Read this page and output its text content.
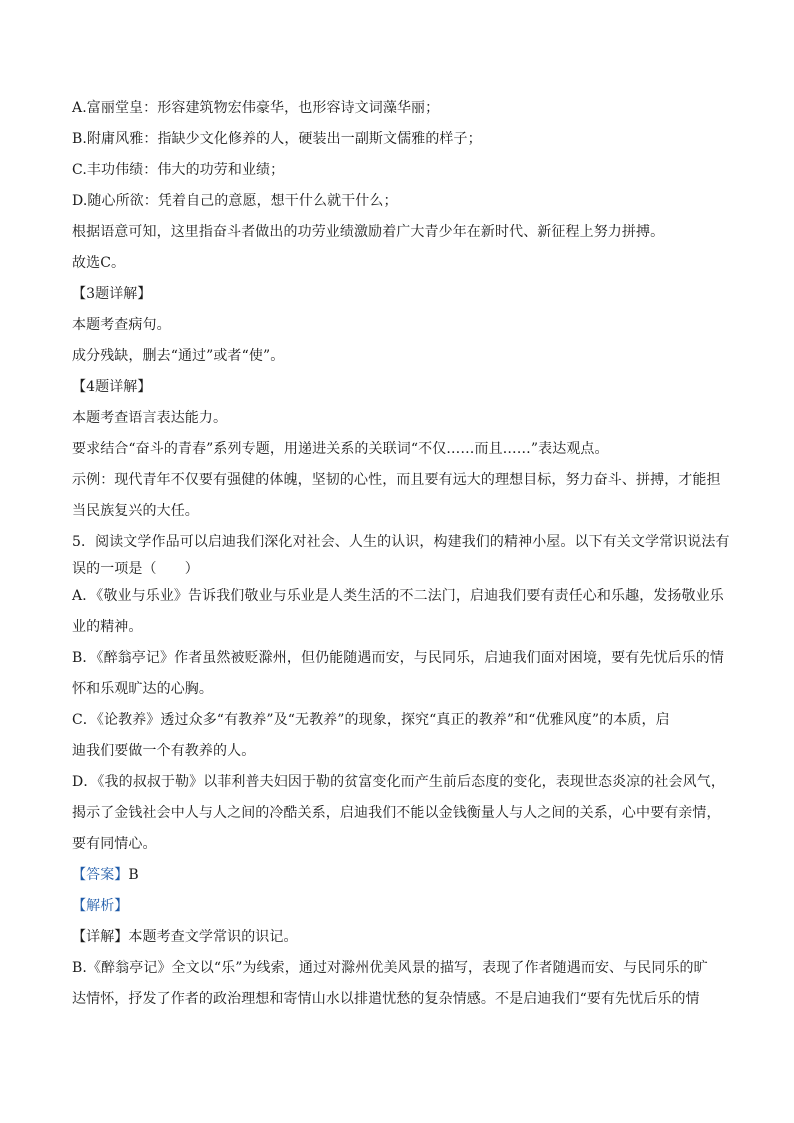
A.富丽堂皇：形容建筑物宏伟豪华，也形容诗文词藻华丽；
B.附庸风雅：指缺少文化修养的人，硬装出一副斯文儒雅的样子；
C.丰功伟绩：伟大的功劳和业绩；
D.随心所欲：凭着自己的意愿，想干什么就干什么；
根据语意可知，这里指奋斗者做出的功劳业绩激励着广大青少年在新时代、新征程上努力拼搏。
故选C。
【3题详解】
本题考查病句。
成分残缺，删去“通过”或者“使”。
【4题详解】
本题考查语言表达能力。
要求结合“奋斗的青春”系列专题，用递进关系的关联词“不仅……而且……”表达观点。
示例：现代青年不仅要有强健的体魄，坚韧的心性，而且要有远大的理想目标，努力奋斗、拼搏，才能担
当民族复兴的大任。
5．阅读文学作品可以启迪我们深化对社会、人生的认识，构建我们的精神小屋。以下有关文学常识说法有
误的一项是（　　）
A．《敬业与乐业》告诉我们敬业与乐业是人类生活的不二法门，启迪我们要有责任心和乐趣，发扬敬业乐
业的精神。
B．《醉翁亭记》作者虽然被贬滁州，但仍能随遇而安，与民同乐，启迪我们面对困境，要有先忧后乐的情
怀和乐观旷达的心胸。
C．《论教养》透过众多“有教养”及“无教养”的现象，探究“真正的教养”和“优雅风度”的本质，启
迪我们要做一个有教养的人。
D．《我的叔叔于勒》以菲利普夫妇因于勒的贫富变化而产生前后态度的变化，表现世态炎凉的社会风气，
揭示了金钱社会中人与人之间的冷酷关系，启迪我们不能以金钱衡量人与人之间的关系，心中要有亲情，
要有同情心。
【答案】B
【解析】
【详解】本题考查文学常识的识记。
B.《醉翁亭记》全文以“乐”为线索，通过对滁州优美风景的描写，表现了作者随遇而安、与民同乐的旷
达情怀，抒发了作者的政治理想和寄情山水以排遣忧愁的复杂情感。不是启迪我们“要有先忧后乐的情
